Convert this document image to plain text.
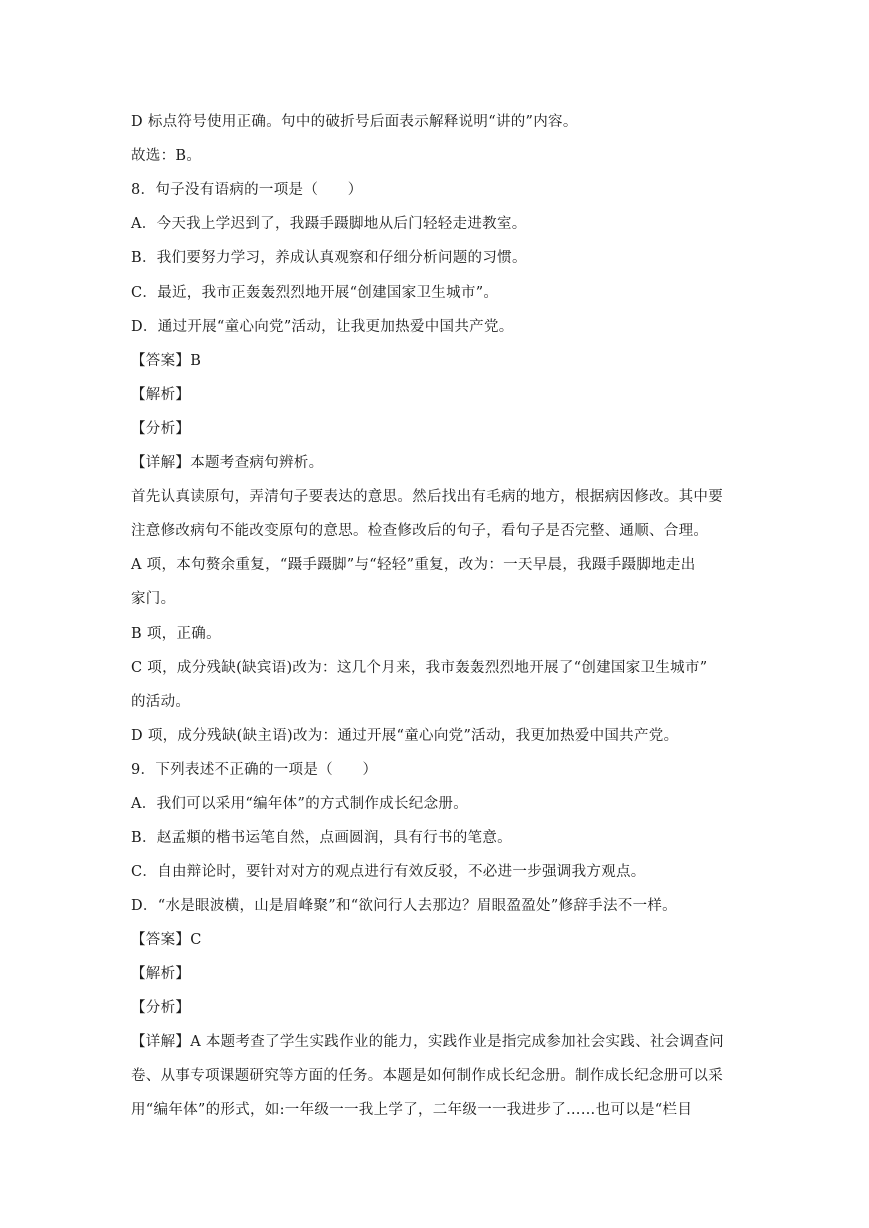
D 标点符号使用正确。句中的破折号后面表示解释说明“讲的”内容。
故选：B。
8．句子没有语病的一项是（　　）
A．今天我上学迟到了，我蹑手蹑脚地从后门轻轻走进教室。
B．我们要努力学习，养成认真观察和仔细分析问题的习惯。
C．最近，我市正轰轰烈烈地开展“创建国家卫生城市”。
D．通过开展“童心向党”活动，让我更加热爱中国共产党。
【答案】B
【解析】
【分析】
【详解】本题考查病句辨析。
首先认真读原句，弄清句子要表达的意思。然后找出有毛病的地方，根据病因修改。其中要
注意修改病句不能改变原句的意思。检查修改后的句子，看句子是否完整、通顺、合理。
A 项，本句赘余重复，“蹑手蹑脚”与“轻轻”重复，改为：一天早晨，我蹑手蹑脚地走出
家门。
B 项，正确。
C 项，成分残缺(缺宾语)改为：这几个月来，我市轰轰烈烈地开展了“创建国家卫生城市”
的活动。
D 项，成分残缺(缺主语)改为：通过开展“童心向党”活动，我更加热爱中国共产党。
9．下列表述不正确的一项是（　　）
A．我们可以采用“编年体”的方式制作成长纪念册。
B．赵孟頫的楷书运笔自然，点画圆润，具有行书的笔意。
C．自由辩论时，要针对对方的观点进行有效反驳，不必进一步强调我方观点。
D．“水是眼波横，山是眉峰聚”和“欲问行人去那边？眉眼盈盈处”修辞手法不一样。
【答案】C
【解析】
【分析】
【详解】A 本题考查了学生实践作业的能力，实践作业是指完成参加社会实践、社会调查问
卷、从事专项课题研究等方面的任务。本题是如何制作成长纪念册。制作成长纪念册可以采
用“编年体”的形式，如:一年级一一我上学了，二年级一一我进步了……也可以是“栏目
